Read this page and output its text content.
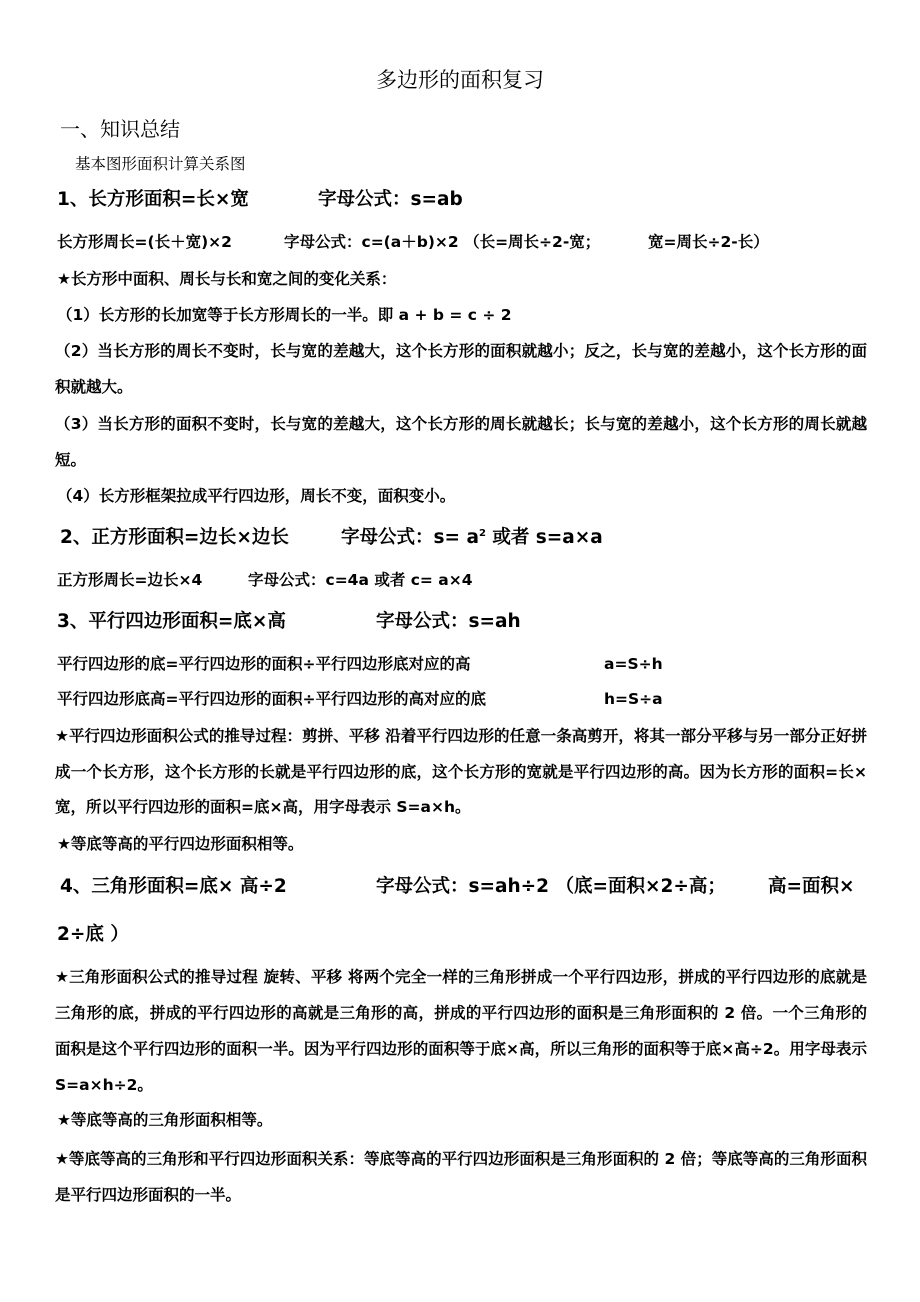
多边形的面积复习
一、知识总结
基本图形面积计算关系图
1、长方形面积=长×宽	字母公式：s=ab
长方形周长=(长＋宽)×2	字母公式：c=(a＋b)×2 （长=周长÷2-宽；	宽=周长÷2-长）
★长方形中面积、周长与长和宽之间的变化关系：
（1）长方形的长加宽等于长方形周长的一半。即 a + b = c ÷ 2
（2）当长方形的周长不变时，长与宽的差越大，这个长方形的面积就越小；反之，长与宽的差越小，这个长方形的面积就越大。
（3）当长方形的面积不变时，长与宽的差越大，这个长方形的周长就越长；长与宽的差越小，这个长方形的周长就越短。
（4）长方形框架拉成平行四边形，周长不变，面积变小。
2、正方形面积=边长×边长	字母公式：$s= a^2$ 或者 s=a×a
正方形周长=边长×4	字母公式：c=4a 或者 c= a×4
3、平行四边形面积=底×高	字母公式：s=ah
平行四边形的底=平行四边形的面积÷平行四边形底对应的高	a=S÷h
平行四边形底高=平行四边形的面积÷平行四边形的高对应的底	h=S÷a
★平行四边形面积公式的推导过程：剪拼、平移 沿着平行四边形的任意一条高剪开，将其一部分平移与另一部分正好拼成一个长方形，这个长方形的长就是平行四边形的底，这个长方形的宽就是平行四边形的高。因为长方形的面积=长×宽，所以平行四边形的面积=底×高，用字母表示 S=a×h。
★等底等高的平行四边形面积相等。
4、三角形面积=底× 高÷2	字母公式：s=ah÷2 （底=面积×2÷高； 高=面积×
2÷底 ）
★三角形面积公式的推导过程 旋转、平移 将两个完全一样的三角形拼成一个平行四边形，拼成的平行四边形的底就是三角形的底，拼成的平行四边形的高就是三角形的高，拼成的平行四边形的面积是三角形面积的 2 倍。一个三角形的面积是这个平行四边形的面积一半。因为平行四边形的面积等于底×高，所以三角形的面积等于底×高÷2。用字母表示 S=a×h÷2。
★等底等高的三角形面积相等。
★等底等高的三角形和平行四边形面积关系：等底等高的平行四边形面积是三角形面积的 2 倍；等底等高的三角形面积是平行四边形面积的一半。
